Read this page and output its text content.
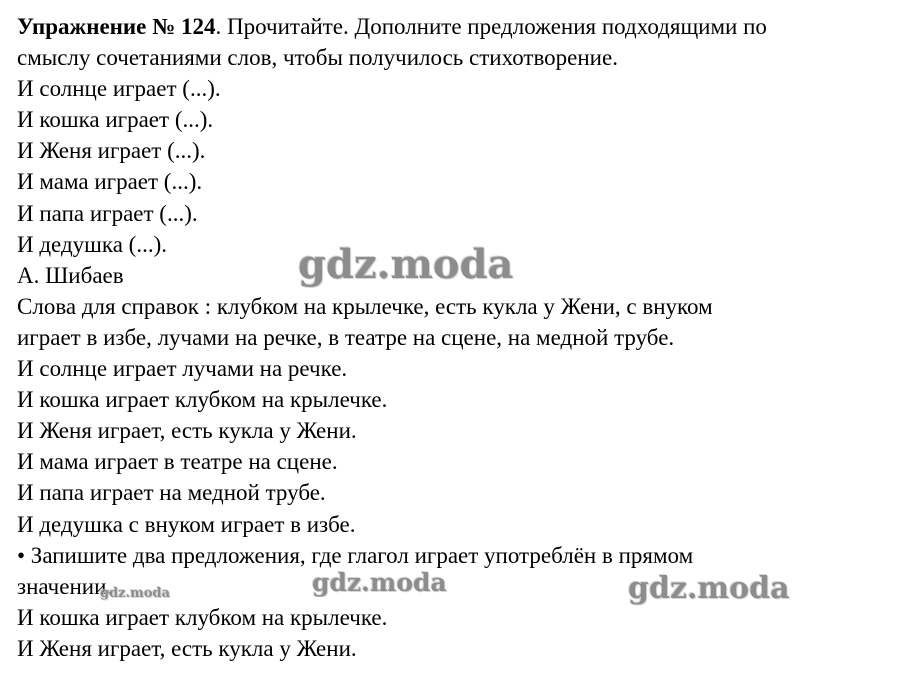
Упражнение № 124. Прочитайте. Дополните предложения подходящими по
смыслу сочетаниями слов, чтобы получилось стихотворение.
И солнце играет (...).
И кошка играет (...).
И Женя играет (...).
И мама играет (...).
И папа играет (...).
И дедушка (...).
А. Шибаев
Слова для справок : клубком на крылечке, есть кукла у Жени, с внуком
играет в избе, лучами на речке, в театре на сцене, на медной трубе.
И солнце играет лучами на речке.
И кошка играет клубком на крылечке.
И Женя играет, есть кукла у Жени.
И мама играет в театре на сцене.
И папа играет на медной трубе.
И дедушка с внуком играет в избе.
• Запишите два предложения, где глагол играет употреблён в прямом
значении.
И кошка играет клубком на крылечке.
И Женя играет, есть кукла у Жени.
gdz.moda
gdz.moda	gdz.moda
gdz.moda
